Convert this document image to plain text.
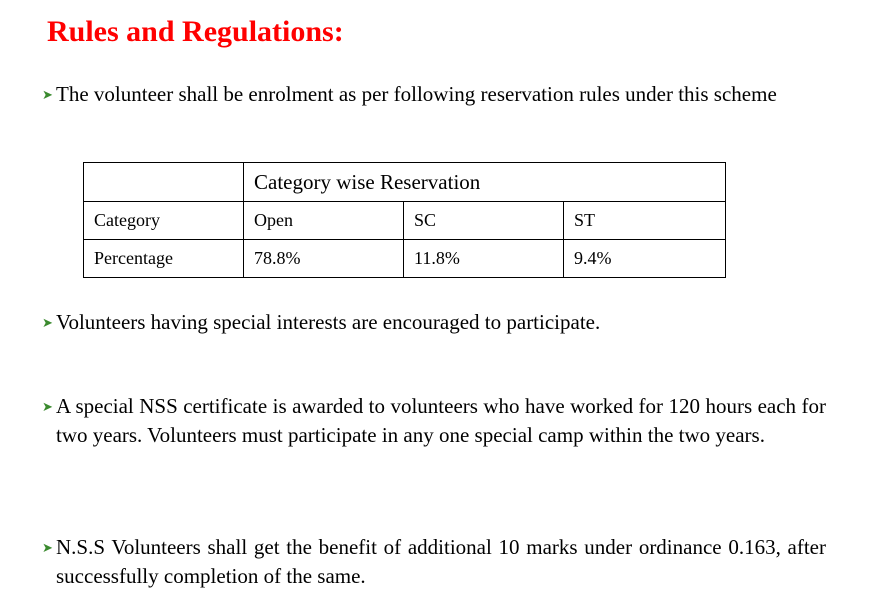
Rules and Regulations:

➤ The volunteer shall be enrolment as per following reservation rules under this scheme

	Category wise Reservation		
Category	Open	SC	ST
Percentage	78.8%	11.8%	9.4%

➤ Volunteers having special interests are encouraged to participate.

➤ A special NSS certificate is awarded to volunteers who have worked for 120 hours each for two years. Volunteers must participate in any one special camp within the two years.

➤ N.S.S Volunteers shall get the benefit of additional 10 marks under ordinance 0.163, after successfully completion of the same.
